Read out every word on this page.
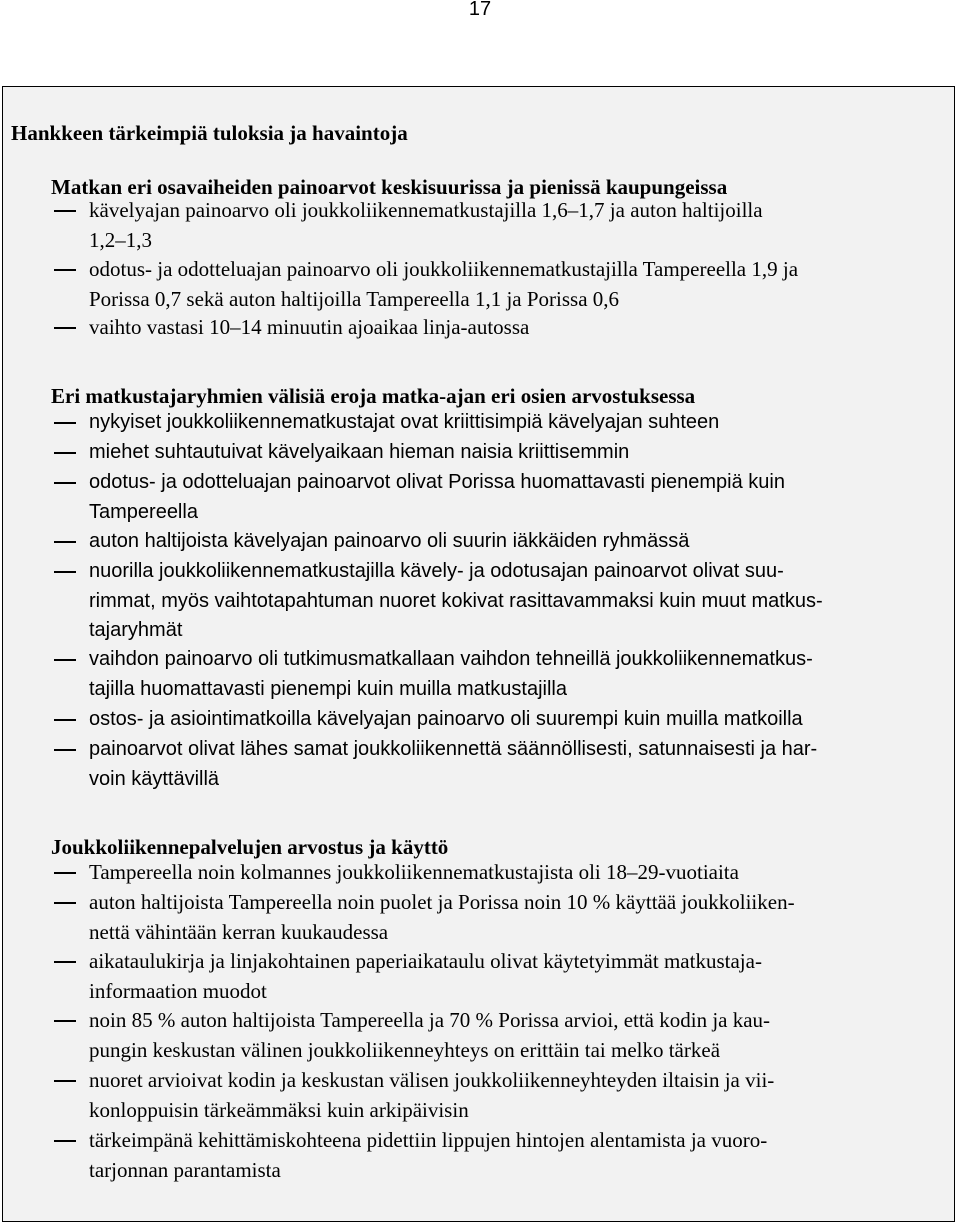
17
Hankkeen tärkeimpiä tuloksia ja havaintoja
Matkan eri osavaiheiden painoarvot keskisuurissa ja pienissä kaupungeissa
kävelyajan painoarvo oli joukkoliikennematkustajilla 1,6–1,7 ja auton haltijoilla
1,2–1,3
odotus- ja odotteluajan painoarvo oli joukkoliikennematkustajilla Tampereella 1,9 ja
Porissa 0,7 sekä auton haltijoilla Tampereella 1,1 ja Porissa 0,6
vaihto vastasi 10–14 minuutin ajoaikaa linja-autossa
Eri matkustajaryhmien välisiä eroja matka-ajan eri osien arvostuksessa
nykyiset joukkoliikennematkustajat ovat kriittisimpiä kävelyajan suhteen
miehet suhtautuivat kävelyaikaan hieman naisia kriittisemmin
odotus- ja odotteluajan painoarvot olivat Porissa huomattavasti pienempiä kuin
Tampereella
auton haltijoista kävelyajan painoarvo oli suurin iäkkäiden ryhmässä
nuorilla joukkoliikennematkustajilla kävely- ja odotusajan painoarvot olivat suu-
rimmat, myös vaihtotapahtuman nuoret kokivat rasittavammaksi kuin muut matkus-
tajaryhmät
vaihdon painoarvo oli tutkimusmatkallaan vaihdon tehneillä joukkoliikennematkus-
tajilla huomattavasti pienempi kuin muilla matkustajilla
ostos- ja asiointimatkoilla kävelyajan painoarvo oli suurempi kuin muilla matkoilla
painoarvot olivat lähes samat joukkoliikennettä säännöllisesti, satunnaisesti ja har-
voin käyttävillä
Joukkoliikennepalvelujen arvostus ja käyttö
Tampereella noin kolmannes joukkoliikennematkustajista oli 18–29-vuotiaita
auton haltijoista Tampereella noin puolet ja Porissa noin 10 % käyttää joukkoliiken-
nettä vähintään kerran kuukaudessa
aikataulukirja ja linjakohtainen paperiaikataulu olivat käytetyimmät matkustaja-
informaation muodot
noin 85 % auton haltijoista Tampereella ja 70 % Porissa arvioi, että kodin ja kau-
pungin keskustan välinen joukkoliikenneyhteys on erittäin tai melko tärkeä
nuoret arvioivat kodin ja keskustan välisen joukkoliikenneyhteyden iltaisin ja vii-
konloppuisin tärkeämmäksi kuin arkipäivisin
tärkeimpänä kehittämiskohteena pidettiin lippujen hintojen alentamista ja vuoro-
tarjonnan parantamista
